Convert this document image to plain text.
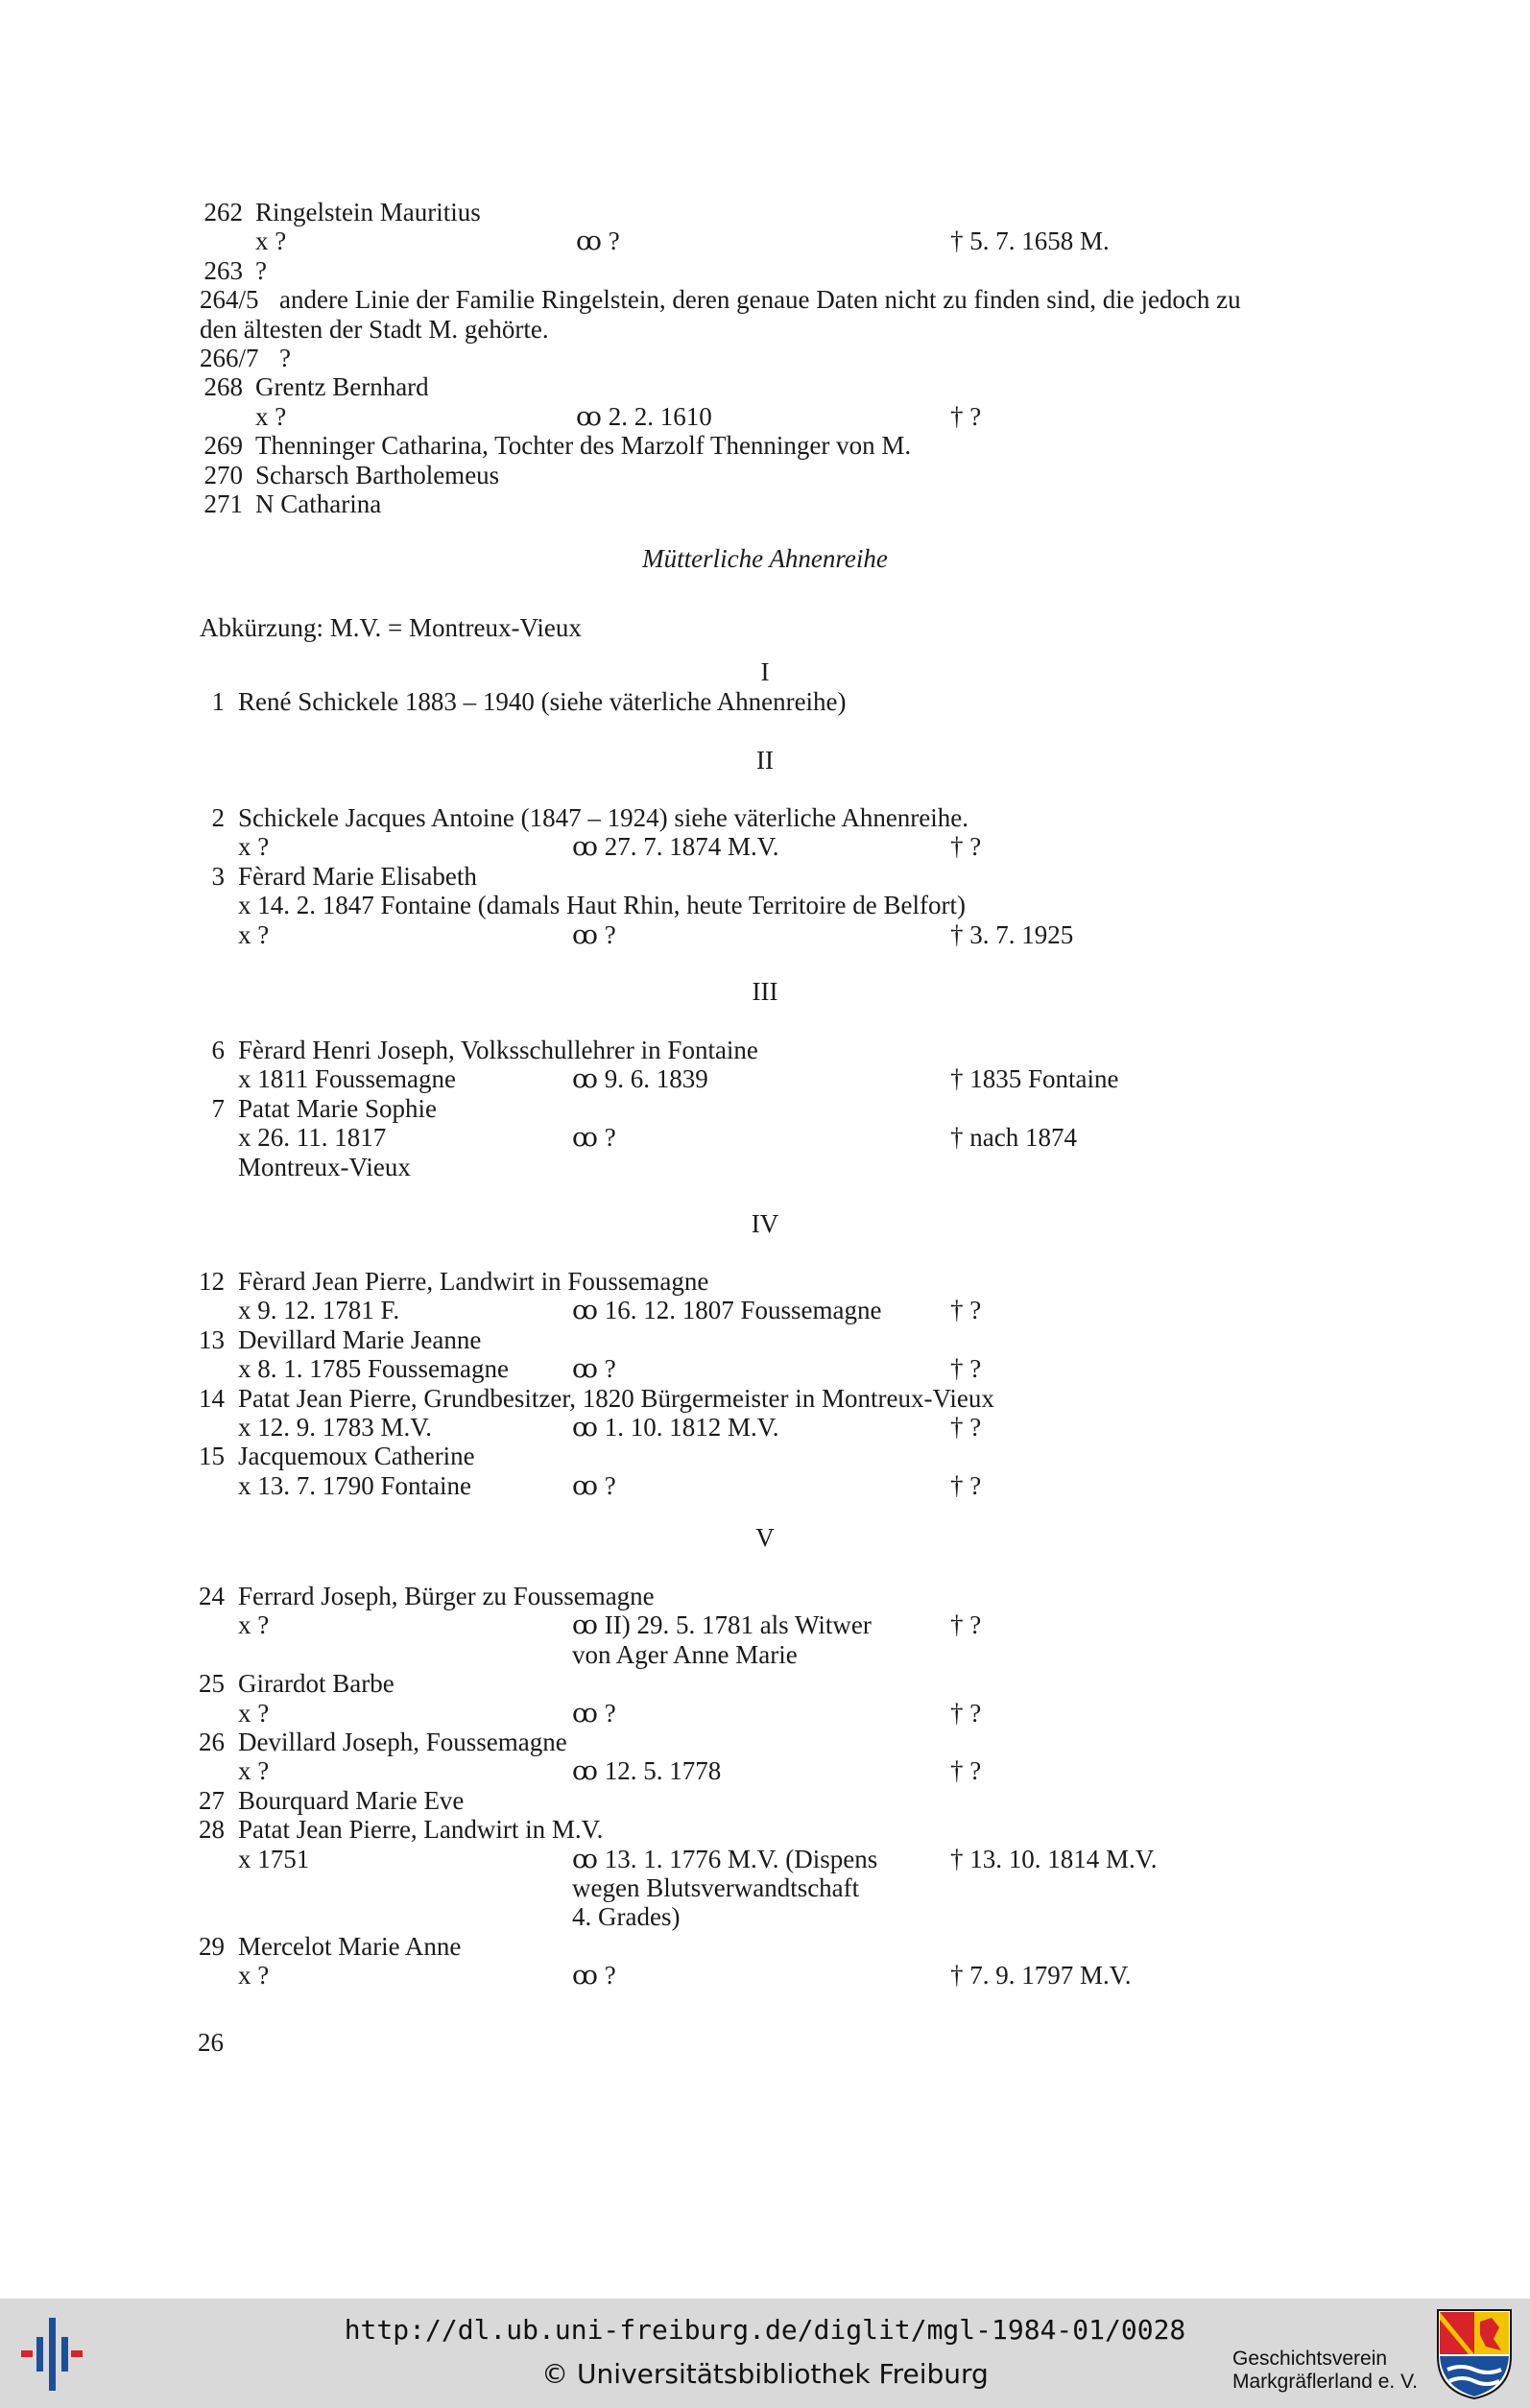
262 Ringelstein Mauritius
x ?	ꝏ ?	† 5. 7. 1658 M.
263 ?
264/5 andere Linie der Familie Ringelstein, deren genaue Daten nicht zu finden sind, die jedoch zu
den ältesten der Stadt M. gehörte.
266/7 ?
268 Grentz Bernhard
x ?	ꝏ 2. 2. 1610	† ?
269 Thenninger Catharina, Tochter des Marzolf Thenninger von M.
270 Scharsch Bartholemeus
271 N Catharina
1 René Schickele 1883 – 1940 (siehe väterliche Ahnenreihe)
2 Schickele Jacques Antoine (1847 – 1924) siehe väterliche Ahnenreihe.
x ?	ꝏ 27. 7. 1874 M.V.	† ?
3 Fèrard Marie Elisabeth
x 14. 2. 1847 Fontaine (damals Haut Rhin, heute Territoire de Belfort)
x ?	ꝏ ?	† 3. 7. 1925
6 Fèrard Henri Joseph, Volksschullehrer in Fontaine
x 1811 Foussemagne	ꝏ 9. 6. 1839	† 1835 Fontaine
7 Patat Marie Sophie
x 26. 11. 1817	ꝏ ?	† nach 1874
Montreux-Vieux
12 Fèrard Jean Pierre, Landwirt in Foussemagne
x 9. 12. 1781 F.	ꝏ 16. 12. 1807 Foussemagne	† ?
13 Devillard Marie Jeanne
x 8. 1. 1785 Foussemagne ꝏ ?	† ?
14 Patat Jean Pierre, Grundbesitzer, 1820 Bürgermeister in Montreux-Vieux
x 12. 9. 1783 M.V.	ꝏ 1. 10. 1812 M.V.	† ?
15 Jacquemoux Catherine
x 13. 7. 1790 Fontaine	ꝏ ?	† ?
24 Ferrard Joseph, Bürger zu Foussemagne
x ?	ꝏ II) 29. 5. 1781 als Witwer	† ?
von Ager Anne Marie
25 Girardot Barbe
x ?	ꝏ ?	† ?
26 Devillard Joseph, Foussemagne
x ?	ꝏ 12. 5. 1778	† ?
27 Bourquard Marie Eve
28 Patat Jean Pierre, Landwirt in M.V.
x 1751	ꝏ 13. 1. 1776 M.V. (Dispens	† 13. 10. 1814 M.V.
wegen Blutsverwandtschaft
4. Grades)
29 Mercelot Marie Anne
x ?	ꝏ ?	† 7. 9. 1797 M.V.
Mütterliche Ahnenreihe
Abkürzung: M.V. = Montreux-Vieux
I
II
III
IV
V
26
http://dl.ub.uni-freiburg.de/diglit/mgl-1984-01/0028
© Universitätsbibliothek Freiburg	Geschichtsverein
Markgräflerland e. V.
